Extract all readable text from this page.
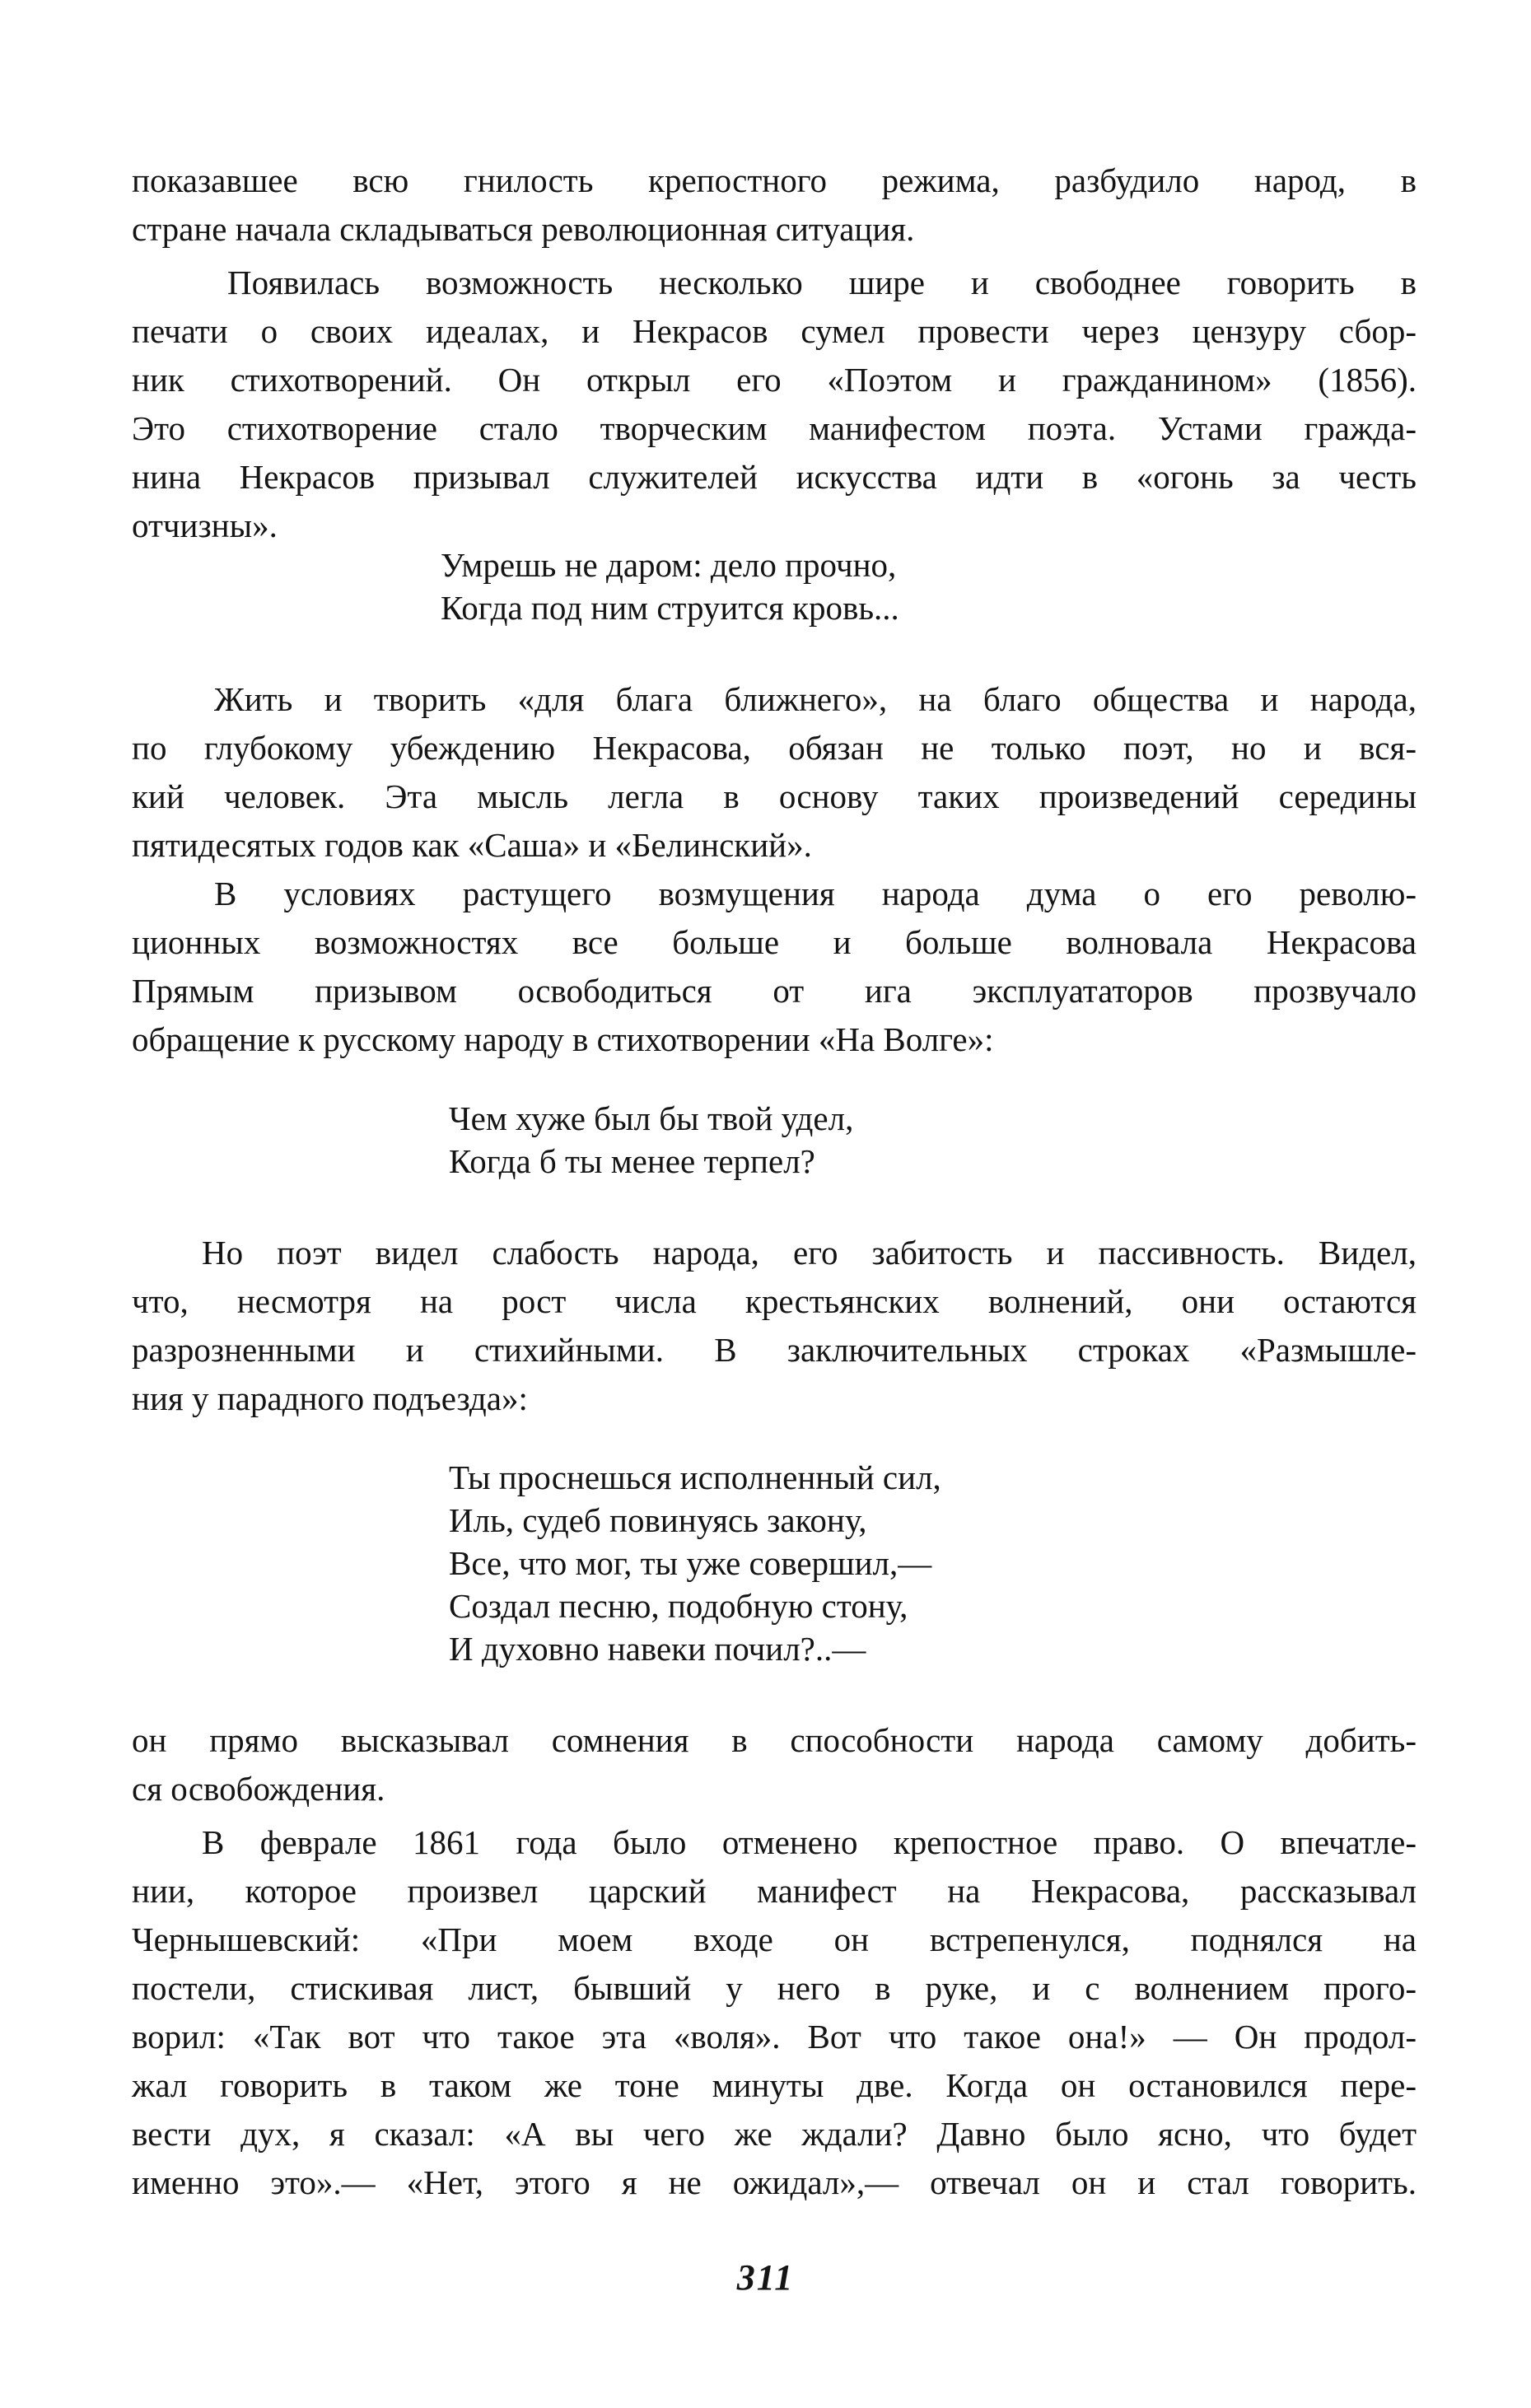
показавшее всю гнилость крепостного режима, разбудило народ, в
стране начала складываться революционная ситуация.

Появилась возможность несколько шире и свободнее говорить в
печати о своих идеалах, и Некрасов сумел провести через цензуру сбор-
ник стихотворений. Он открыл его «Поэтом и гражданином» (1856).
Это стихотворение стало творческим манифестом поэта. Устами гражда-
нина Некрасов призывал служителей искусства идти в «огонь за честь
отчизны».

Умрешь не даром: дело прочно,
Когда под ним струится кровь...

Жить и творить «для блага ближнего», на благо общества и народа,
по глубокому убеждению Некрасова, обязан не только поэт, но и вся-
кий человек. Эта мысль легла в основу таких произведений середины
пятидесятых годов как «Саша» и «Белинский».

В условиях растущего возмущения народа дума о его револю-
ционных возможностях все больше и больше волновала Некрасова
Прямым призывом освободиться от ига эксплуататоров прозвучало
обращение к русскому народу в стихотворении «На Волге»:

Чем хуже был бы твой удел,
Когда б ты менее терпел?

Но поэт видел слабость народа, его забитость и пассивность. Видел,
что, несмотря на рост числа крестьянских волнений, они остаются
разрозненными и стихийными. В заключительных строках «Размышле-
ния у парадного подъезда»:

Ты проснешься исполненный сил,
Иль, судеб повинуясь закону,
Все, что мог, ты уже совершил,—
Создал песню, подобную стону,
И духовно навеки почил?..—

он прямо высказывал сомнения в способности народа самому добить-
ся освобождения.

В феврале 1861 года было отменено крепостное право. О впечатле-
нии, которое произвел царский манифест на Некрасова, рассказывал
Чернышевский: «При моем входе он встрепенулся, поднялся на
постели, стискивая лист, бывший у него в руке, и с волнением прого-
ворил: «Так вот что такое эта «воля». Вот что такое она!» — Он продол-
жал говорить в таком же тоне минуты две. Когда он остановился пере-
вести дух, я сказал: «А вы чего же ждали? Давно было ясно, что будет
именно это».— «Нет, этого я не ожидал»,— отвечал он и стал говорить.

311
